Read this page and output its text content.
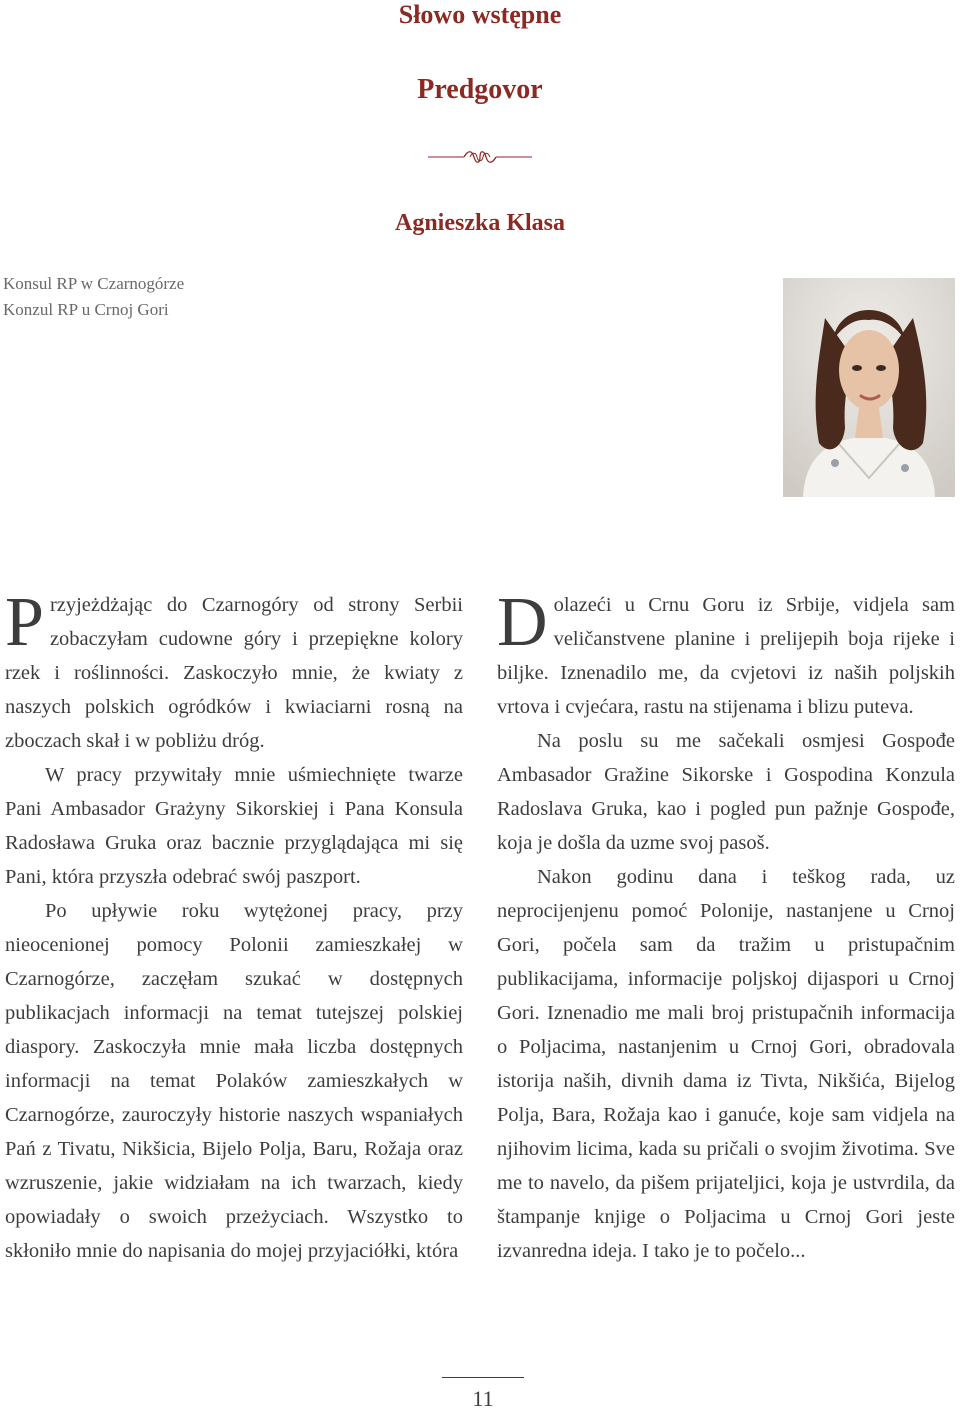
Słowo wstępne
Predgovor
Agnieszka Klasa
Konsul RP w Czarnogórze
Konzul RP u Crnoj Gori

Przyjeżdżając do Czarnogóry od strony Serbii zobaczyłam cudowne góry i przepiękne kolory rzek i roślinności. Zaskoczyło mnie, że kwiaty z naszych polskich ogródków i kwiaciarni rosną na zboczach skał i w pobliżu dróg.

W pracy przywitały mnie uśmiechnięte twarze Pani Ambasador Grażyny Sikorskiej i Pana Konsula Radosława Gruka oraz bacznie przyglądająca mi się Pani, która przyszła odebrać swój paszport.

Po upływie roku wytężonej pracy, przy nieocenionej pomocy Polonii zamieszkałej w Czarnogórze, zaczęłam szukać w dostępnych publikacjach informacji na temat tutejszej polskiej diaspory. Zaskoczyła mnie mała liczba dostępnych informacji na temat Polaków zamieszkałych w Czarnogórze, zauroczyły historie naszych wspaniałych Pań z Tivatu, Nikšicia, Bijelo Polja, Baru, Rožaja oraz wzruszenie, jakie widziałam na ich twarzach, kiedy opowiadały o swoich przeżyciach. Wszystko to skłoniło mnie do napisania do mojej przyjaciółki, która

Dolazeći u Crnu Goru iz Srbije, vidjela sam veličanstvene planine i prelijepih boja rijeke i biljke. Iznenadilo me, da cvjetovi iz naših poljskih vrtova i cvjećara, rastu na stijenama i blizu puteva.

Na poslu su me sačekali osmjesi Gospođe Ambasador Gražine Sikorske i Gospodina Konzula Radoslava Gruka, kao i pogled pun pažnje Gospođe, koja je došla da uzme svoj pasoš.

Nakon godinu dana i teškog rada, uz neprocijenjenu pomoć Polonije, nastanjene u Crnoj Gori, počela sam da tražim u pristupačnim publikacijama, informacije poljskoj dijaspori u Crnoj Gori. Iznenadio me mali broj pristupačnih informacija o Poljacima, nastanjenim u Crnoj Gori, obradovala istorija naših, divnih dama iz Tivta, Nikšića, Bijelog Polja, Bara, Rožaja kao i ganuće, koje sam vidjela na njihovim licima, kada su pričali o svojim životima. Sve me to navelo, da pišem prijateljici, koja je ustvrdila, da štampanje knjige o Poljacima u Crnoj Gori jeste izvanredna ideja. I tako je to počelo...

11
